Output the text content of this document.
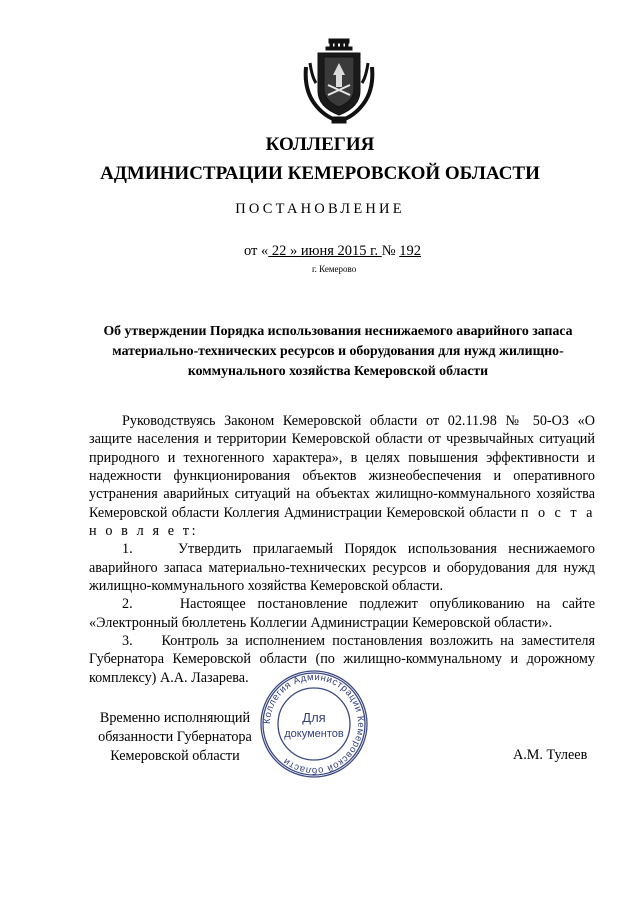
КОЛЛЕГИЯ
АДМИНИСТРАЦИИ КЕМЕРОВСКОЙ ОБЛАСТИ
ПОСТАНОВЛЕНИЕ
от « 22 » июня 2015 г. № 192
г. Кемерово
Об утверждении Порядка использования неснижаемого аварийного запаса материально-технических ресурсов и оборудования для нужд жилищно-коммунального хозяйства Кемеровской области

Руководствуясь Законом Кемеровской области от 02.11.98 № 50-ОЗ «О защите населения и территории Кемеровской области от чрезвычайных ситуаций природного и техногенного характера», в целях повышения эффективности и надежности функционирования объектов жизнеобеспечения и оперативного устранения аварийных ситуаций на объектах жилищно-коммунального хозяйства Кемеровской области Коллегия Администрации Кемеровской области п о с т а н о в л я е т:

1.    Утвердить прилагаемый Порядок использования неснижаемого аварийного запаса материально-технических ресурсов и оборудования для нужд жилищно-коммунального хозяйства Кемеровской области.

2.    Настоящее постановление подлежит опубликованию на сайте «Электронный бюллетень Коллегии Администрации Кемеровской области».

3.    Контроль за исполнением постановления возложить на заместителя Губернатора Кемеровской области (по жилищно-коммунальному и дорожному комплексу) А.А. Лазарева.

Временно исполняющий
обязанности Губернатора
Кемеровской области	А.М. Тулеев
Коллегия Администрации Кемеровской области
Для
документов
